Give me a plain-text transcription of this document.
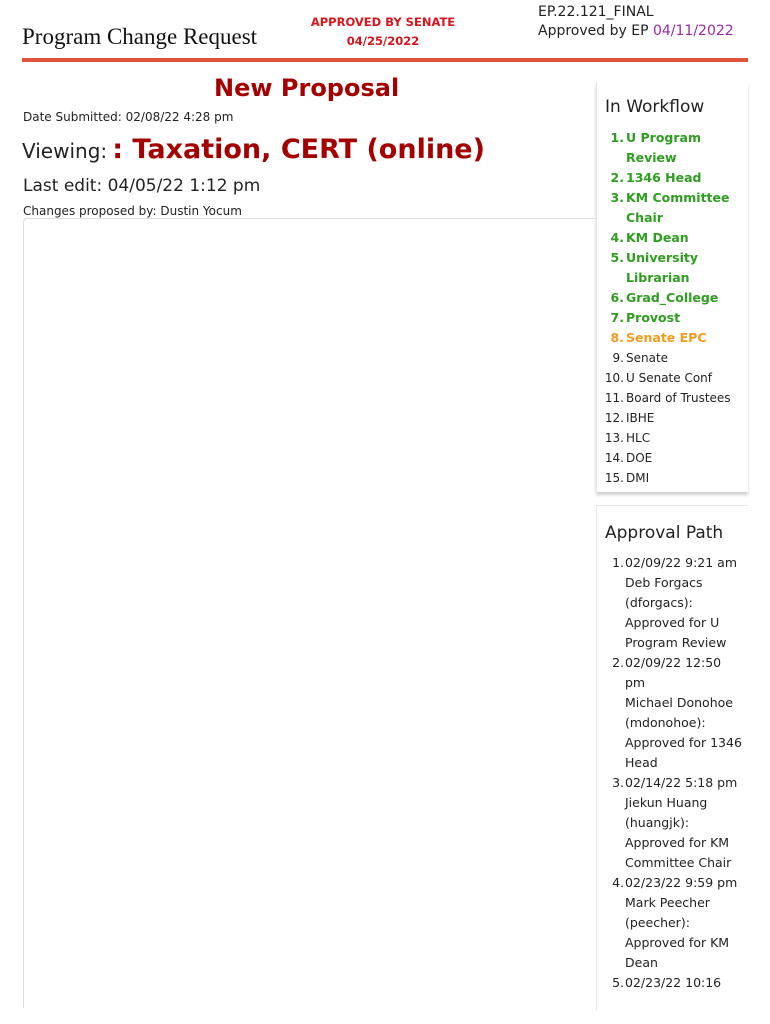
Program Change Request
APPROVED BY SENATE
04/25/2022
EP.22.121_FINAL
Approved by EP 04/11/2022
New Proposal
Date Submitted: 02/08/22 4:28 pm
Viewing: : Taxation, CERT (online)
Last edit: 04/05/22 1:12 pm
Changes proposed by: Dustin Yocum
In Workflow
1. U Program Review
2. 1346 Head
3. KM Committee Chair
4. KM Dean
5. University Librarian
6. Grad_College
7. Provost
8. Senate EPC
9. Senate
10. U Senate Conf
11. Board of Trustees
12. IBHE
13. HLC
14. DOE
15. DMI
Approval Path
1. 02/09/22 9:21 am
Deb Forgacs
(dforgacs):
Approved for U
Program Review
2. 02/09/22 12:50
pm
Michael Donohoe
(mdonohoe):
Approved for 1346
Head
3. 02/14/22 5:18 pm
Jiekun Huang
(huangjk):
Approved for KM
Committee Chair
4. 02/23/22 9:59 pm
Mark Peecher
(peecher):
Approved for KM
Dean
5. 02/23/22 10:16
